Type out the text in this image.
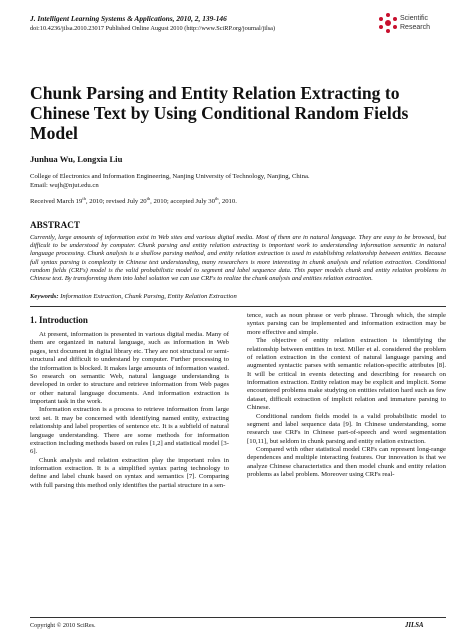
J. Intelligent Learning Systems & Applications, 2010, 2, 139-146
doi:10.4236/jilsa.2010.23017 Published Online August 2010 (http://www.SciRP.org/journal/jilsa)
Scientific
Research
Chunk Parsing and Entity Relation Extracting to Chinese Text by Using Conditional Random Fields Model
Junhua Wu, Longxia Liu
College of Electronics and Information Engineering, Nanjing University of Technology, Nanjing, China.
Email: wujh@njut.edu.cn
Received March 19th, 2010; revised July 20th, 2010; accepted July 30th, 2010.
ABSTRACT
Currently, large amounts of information exist in Web sites and various digital media. Most of them are in natural language. They are easy to be browsed, but difficult to be understood by computer. Chunk parsing and entity relation extracting is important work to understanding information semantic in natural language processing. Chunk analysis is a shallow parsing method, and entity relation extraction is used in establishing relationship between entities. Because full syntax parsing is complexity in Chinese text understanding, many researchers is more interesting in chunk analysis and relation extraction. Conditional random fields (CRFs) model is the valid probabilistic model to segment and label sequence data. This paper models chunk and entity relation problems in Chinese text. By transforming them into label solution we can use CRFs to realize the chunk analysis and entities relation extraction.
Keywords: Information Extraction, Chunk Parsing, Entity Relation Extraction
1. Introduction

At present, information is presented in various digital media. Many of them are organized in natural language, such as information in Web pages, text document in digital library etc. They are not structural or semi-structural and difficult to understand by computer. Further processing to the information is blocked. It makes large amounts of information wasted. So research on semantic Web, natural language understanding is developed in order to structure and retrieve information from Web pages or other natural language documents. And information extraction is important task in the work.

Information extraction is a process to retrieve information from large text set. It may be concerned with identifying named entity, extracting relationship and label properties of sentence etc. It is a subfield of natural language understanding. There are some methods for information extraction including methods based on rules [1,2] and statistical model [3-6].

Chunk analysis and relation extraction play the important roles in information extraction. It is a simplified syntax paring technology to define and label chunk based on syntax and semantics [7]. Comparing with full parsing this method only identifies the partial structure in a sen-

tence, such as noun phrase or verb phrase. Through which, the simple syntax parsing can be implemented and information extraction may be more effective and simple.

The objective of entity relation extraction is identifying the relationship between entities in text. Miller et al. considered the problem of relation extraction in the context of natural language parsing and augmented syntactic parses with semantic relation-specific attributes [8]. It will be critical in events detecting and describing for research on information extraction. Entity relation may be explicit and implicit. Some encountered problems make studying on entities relation hard such as few dataset, difficult extraction of implicit relation and immature parsing to Chinese.

Conditional random fields model is a valid probabilistic model to segment and label sequence data [9]. In Chinese understanding, some research use CRFs in Chinese part-of-speech and word segmentation [10,11], but seldom in chunk parsing and entity relation extraction.

Compared with other statistical model CRFs can represent long-range dependences and multiple interacting features. Our innovation is that we analyze Chinese characteristics and then model chunk and entity relation problems as label problem. Moreover using CRFs real-

Copyright © 2010 SciRes.	JILSA
